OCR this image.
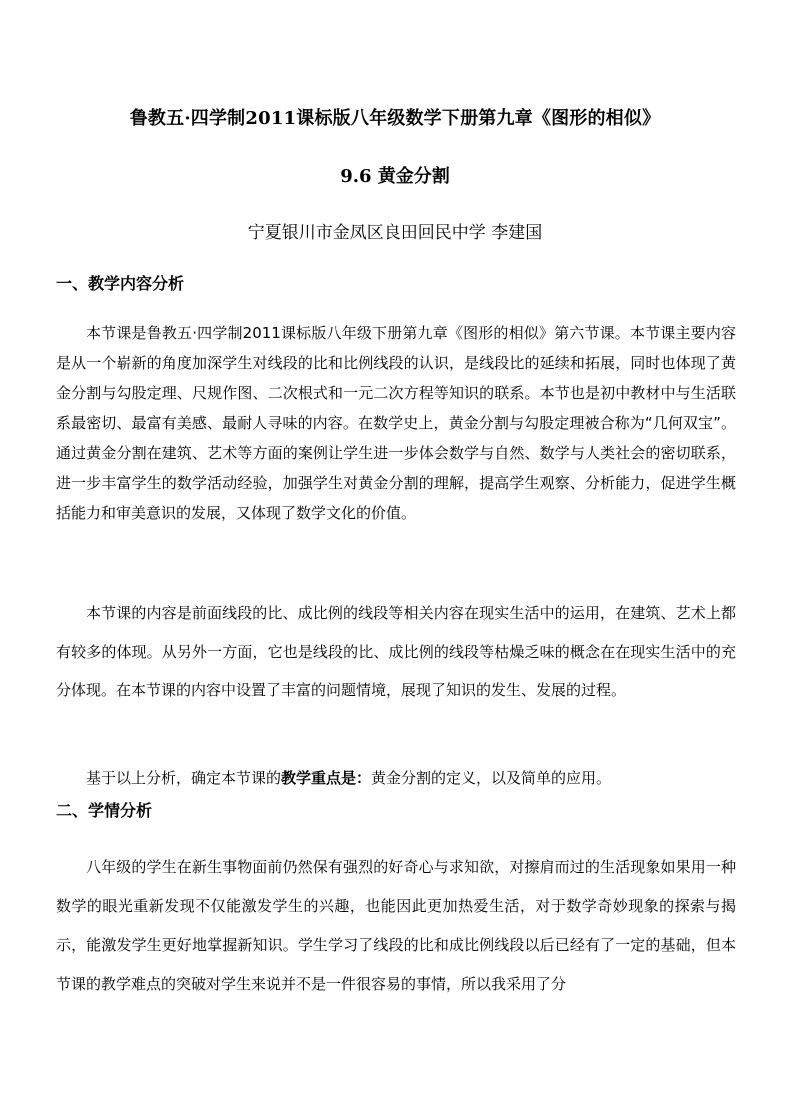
鲁教五·四学制2011课标版八年级数学下册第九章《图形的相似》
9.6 黄金分割
宁夏银川市金凤区良田回民中学 李建国
一、教学内容分析

本节课是鲁教五·四学制2011课标版八年级下册第九章《图形的相似》第六节课。本节课主要内容是从一个崭新的角度加深学生对线段的比和比例线段的认识，是线段比的延续和拓展，同时也体现了黄金分割与勾股定理、尺规作图、二次根式和一元二次方程等知识的联系。本节也是初中教材中与生活联系最密切、最富有美感、最耐人寻味的内容。在数学史上，黄金分割与勾股定理被合称为“几何双宝”。通过黄金分割在建筑、艺术等方面的案例让学生进一步体会数学与自然、数学与人类社会的密切联系，进一步丰富学生的数学活动经验，加强学生对黄金分割的理解，提高学生观察、分析能力，促进学生概括能力和审美意识的发展，又体现了数学文化的价值。

本节课的内容是前面线段的比、成比例的线段等相关内容在现实生活中的运用，在建筑、艺术上都有较多的体现。从另外一方面，它也是线段的比、成比例的线段等枯燥乏味的概念在在现实生活中的充分体现。在本节课的内容中设置了丰富的问题情境，展现了知识的发生、发展的过程。

基于以上分析，确定本节课的教学重点是：黄金分割的定义，以及简单的应用。

二、学情分析

八年级的学生在新生事物面前仍然保有强烈的好奇心与求知欲，对擦肩而过的生活现象如果用一种数学的眼光重新发现不仅能激发学生的兴趣，也能因此更加热爱生活，对于数学奇妙现象的探索与揭示，能激发学生更好地掌握新知识。学生学习了线段的比和成比例线段以后已经有了一定的基础，但本节课的教学难点的突破对学生来说并不是一件很容易的事情，所以我采用了分
